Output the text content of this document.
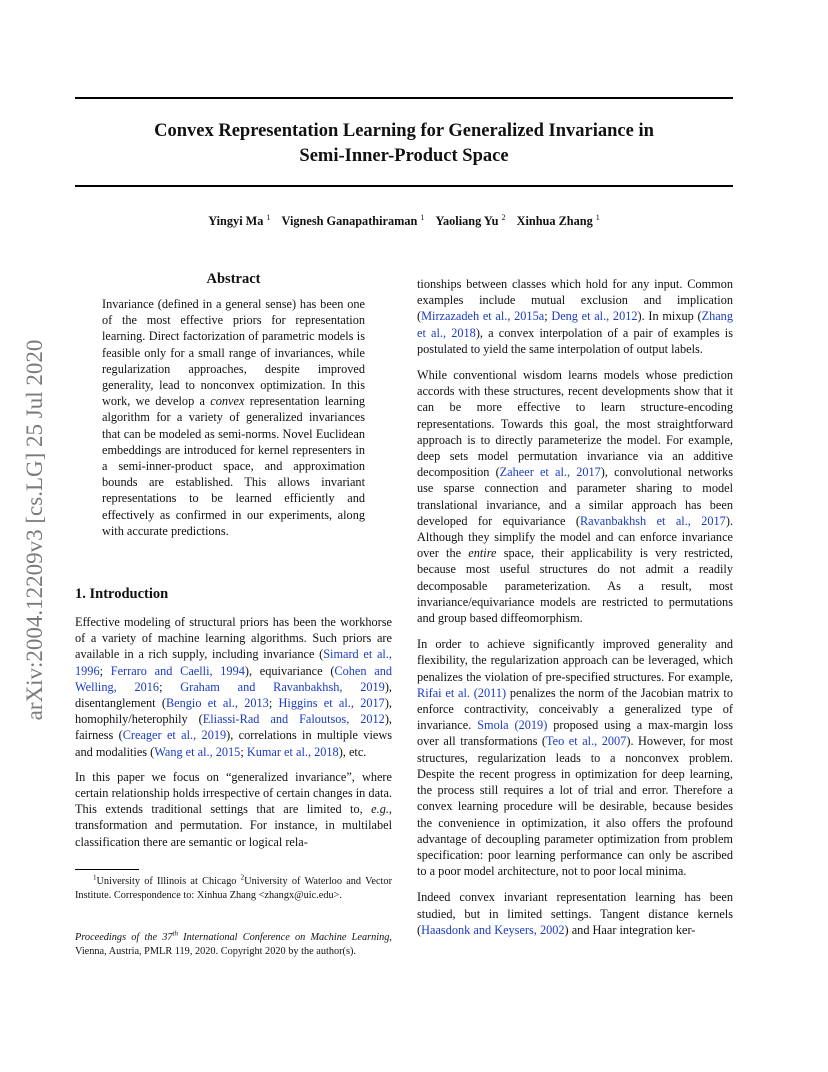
arXiv:2004.12209v3 [cs.LG] 25 Jul 2020
Convex Representation Learning for Generalized Invariance in
Semi-Inner-Product Space
Yingyi Ma $^1$ Vignesh Ganapathiraman $^1$ Yaoliang Yu $^2$ Xinhua Zhang $^1$
Abstract

Invariance (defined in a general sense) has been one of the most effective priors for representation learning. Direct factorization of parametric models is feasible only for a small range of invariances, while regularization approaches, despite improved generality, lead to nonconvex optimization. In this work, we develop a convex representation learning algorithm for a variety of generalized invariances that can be modeled as semi-norms. Novel Euclidean embeddings are introduced for kernel representers in a semi-inner-product space, and approximation bounds are established. This allows invariant representations to be learned efficiently and effectively as confirmed in our experiments, along with accurate predictions.

1. Introduction

Effective modeling of structural priors has been the workhorse of a variety of machine learning algorithms. Such priors are available in a rich supply, including invariance (Simard et al., 1996; Ferraro and Caelli, 1994), equivariance (Cohen and Welling, 2016; Graham and Ravanbakhsh, 2019), disentanglement (Bengio et al., 2013; Higgins et al., 2017), homophily/heterophily (Eliassi-Rad and Faloutsos, 2012), fairness (Creager et al., 2019), correlations in multiple views and modalities (Wang et al., 2015; Kumar et al., 2018), etc.

In this paper we focus on “generalized invariance”, where certain relationship holds irrespective of certain changes in data. This extends traditional settings that are limited to, e.g., transformation and permutation. For instance, in multilabel classification there are semantic or logical rela-

$^1$University of Illinois at Chicago $^2$University of Waterloo and Vector Institute. Correspondence to: Xinhua Zhang <zhangx@uic.edu>.

Proceedings of the 37th International Conference on Machine Learning, Vienna, Austria, PMLR 119, 2020. Copyright 2020 by the author(s).

tionships between classes which hold for any input. Common examples include mutual exclusion and implication (Mirzazadeh et al., 2015a; Deng et al., 2012). In mixup (Zhang et al., 2018), a convex interpolation of a pair of examples is postulated to yield the same interpolation of output labels.

While conventional wisdom learns models whose prediction accords with these structures, recent developments show that it can be more effective to learn structure-encoding representations. Towards this goal, the most straightforward approach is to directly parameterize the model. For example, deep sets model permutation invariance via an additive decomposition (Zaheer et al., 2017), convolutional networks use sparse connection and parameter sharing to model translational invariance, and a similar approach has been developed for equivariance (Ravanbakhsh et al., 2017). Although they simplify the model and can enforce invariance over the entire space, their applicability is very restricted, because most useful structures do not admit a readily decomposable parameterization. As a result, most invariance/equivariance models are restricted to permutations and group based diffeomorphism.

In order to achieve significantly improved generality and flexibility, the regularization approach can be leveraged, which penalizes the violation of pre-specified structures. For example, Rifai et al. (2011) penalizes the norm of the Jacobian matrix to enforce contractivity, conceivably a generalized type of invariance. Smola (2019) proposed using a max-margin loss over all transformations (Teo et al., 2007). However, for most structures, regularization leads to a nonconvex problem. Despite the recent progress in optimization for deep learning, the process still requires a lot of trial and error. Therefore a convex learning procedure will be desirable, because besides the convenience in optimization, it also offers the profound advantage of decoupling parameter optimization from problem specification: poor learning performance can only be ascribed to a poor model architecture, not to poor local minima.

Indeed convex invariant representation learning has been studied, but in limited settings. Tangent distance kernels (Haasdonk and Keysers, 2002) and Haar integration ker-
